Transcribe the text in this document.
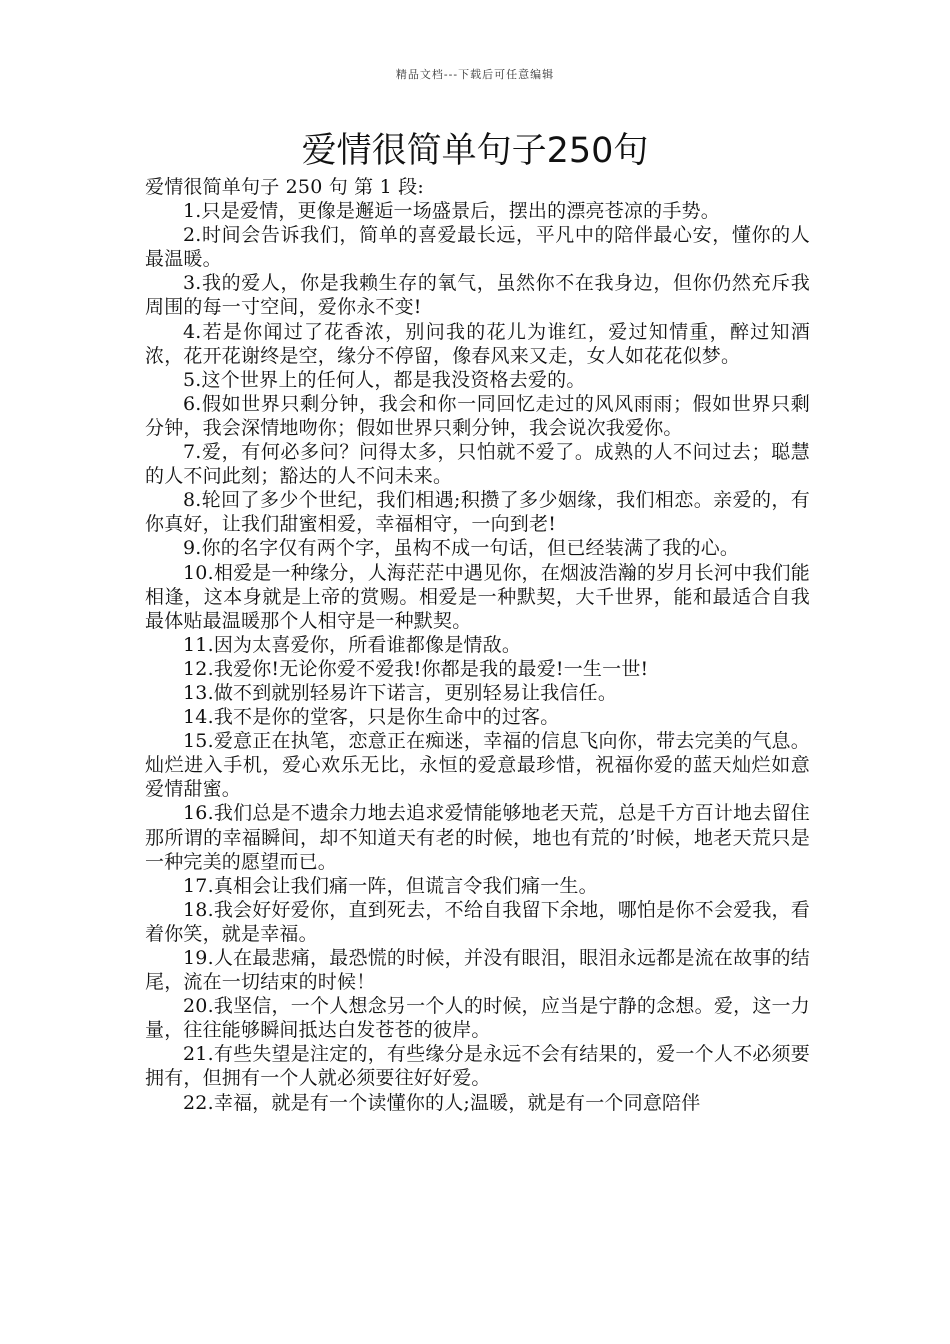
精品文档---下载后可任意编辑
爱情很简单句子250句

爱情很简单句子 250 句 第 1 段:

1.只是爱情，更像是邂逅一场盛景后，摆出的漂亮苍凉的手势。

2.时间会告诉我们，简单的喜爱最长远，平凡中的陪伴最心安，懂你的人最温暖。

3.我的爱人，你是我赖生存的氧气，虽然你不在我身边，但你仍然充斥我周围的每一寸空间，爱你永不变!

4.若是你闻过了花香浓，别问我的花儿为谁红，爱过知情重，醉过知酒浓，花开花谢终是空，缘分不停留，像春风来又走，女人如花花似梦。

5.这个世界上的任何人，都是我没资格去爱的。

6.假如世界只剩分钟，我会和你一同回忆走过的风风雨雨；假如世界只剩分钟，我会深情地吻你；假如世界只剩分钟，我会说次我爱你。

7.爱，有何必多问？问得太多，只怕就不爱了。成熟的人不问过去；聪慧的人不问此刻；豁达的人不问未来。

8.轮回了多少个世纪，我们相遇;积攒了多少姻缘，我们相恋。亲爱的，有你真好，让我们甜蜜相爱，幸福相守，一向到老!

9.你的名字仅有两个字，虽构不成一句话，但已经装满了我的心。

10.相爱是一种缘分，人海茫茫中遇见你，在烟波浩瀚的岁月长河中我们能相逢，这本身就是上帝的赏赐。相爱是一种默契，大千世界，能和最适合自我最体贴最温暖那个人相守是一种默契。

11.因为太喜爱你，所看谁都像是情敌。

12.我爱你!无论你爱不爱我!你都是我的最爱!一生一世!

13.做不到就别轻易许下诺言，更别轻易让我信任。

14.我不是你的堂客，只是你生命中的过客。

15.爱意正在执笔，恋意正在痴迷，幸福的信息飞向你，带去完美的气息。灿烂进入手机，爱心欢乐无比，永恒的爱意最珍惜，祝福你爱的蓝天灿烂如意爱情甜蜜。

16.我们总是不遗余力地去追求爱情能够地老天荒，总是千方百计地去留住那所谓的幸福瞬间，却不知道天有老的时候，地也有荒的’时候，地老天荒只是一种完美的愿望而已。

17.真相会让我们痛一阵，但谎言令我们痛一生。

18.我会好好爱你，直到死去，不给自我留下余地，哪怕是你不会爱我，看着你笑，就是幸福。

19.人在最悲痛，最恐慌的时候，并没有眼泪，眼泪永远都是流在故事的结尾，流在一切结束的时候！

20.我坚信，一个人想念另一个人的时候，应当是宁静的念想。爱，这一力量，往往能够瞬间抵达白发苍苍的彼岸。

21.有些失望是注定的，有些缘分是永远不会有结果的，爱一个人不必须要拥有，但拥有一个人就必须要往好好爱。

22.幸福，就是有一个读懂你的人;温暖，就是有一个同意陪伴
